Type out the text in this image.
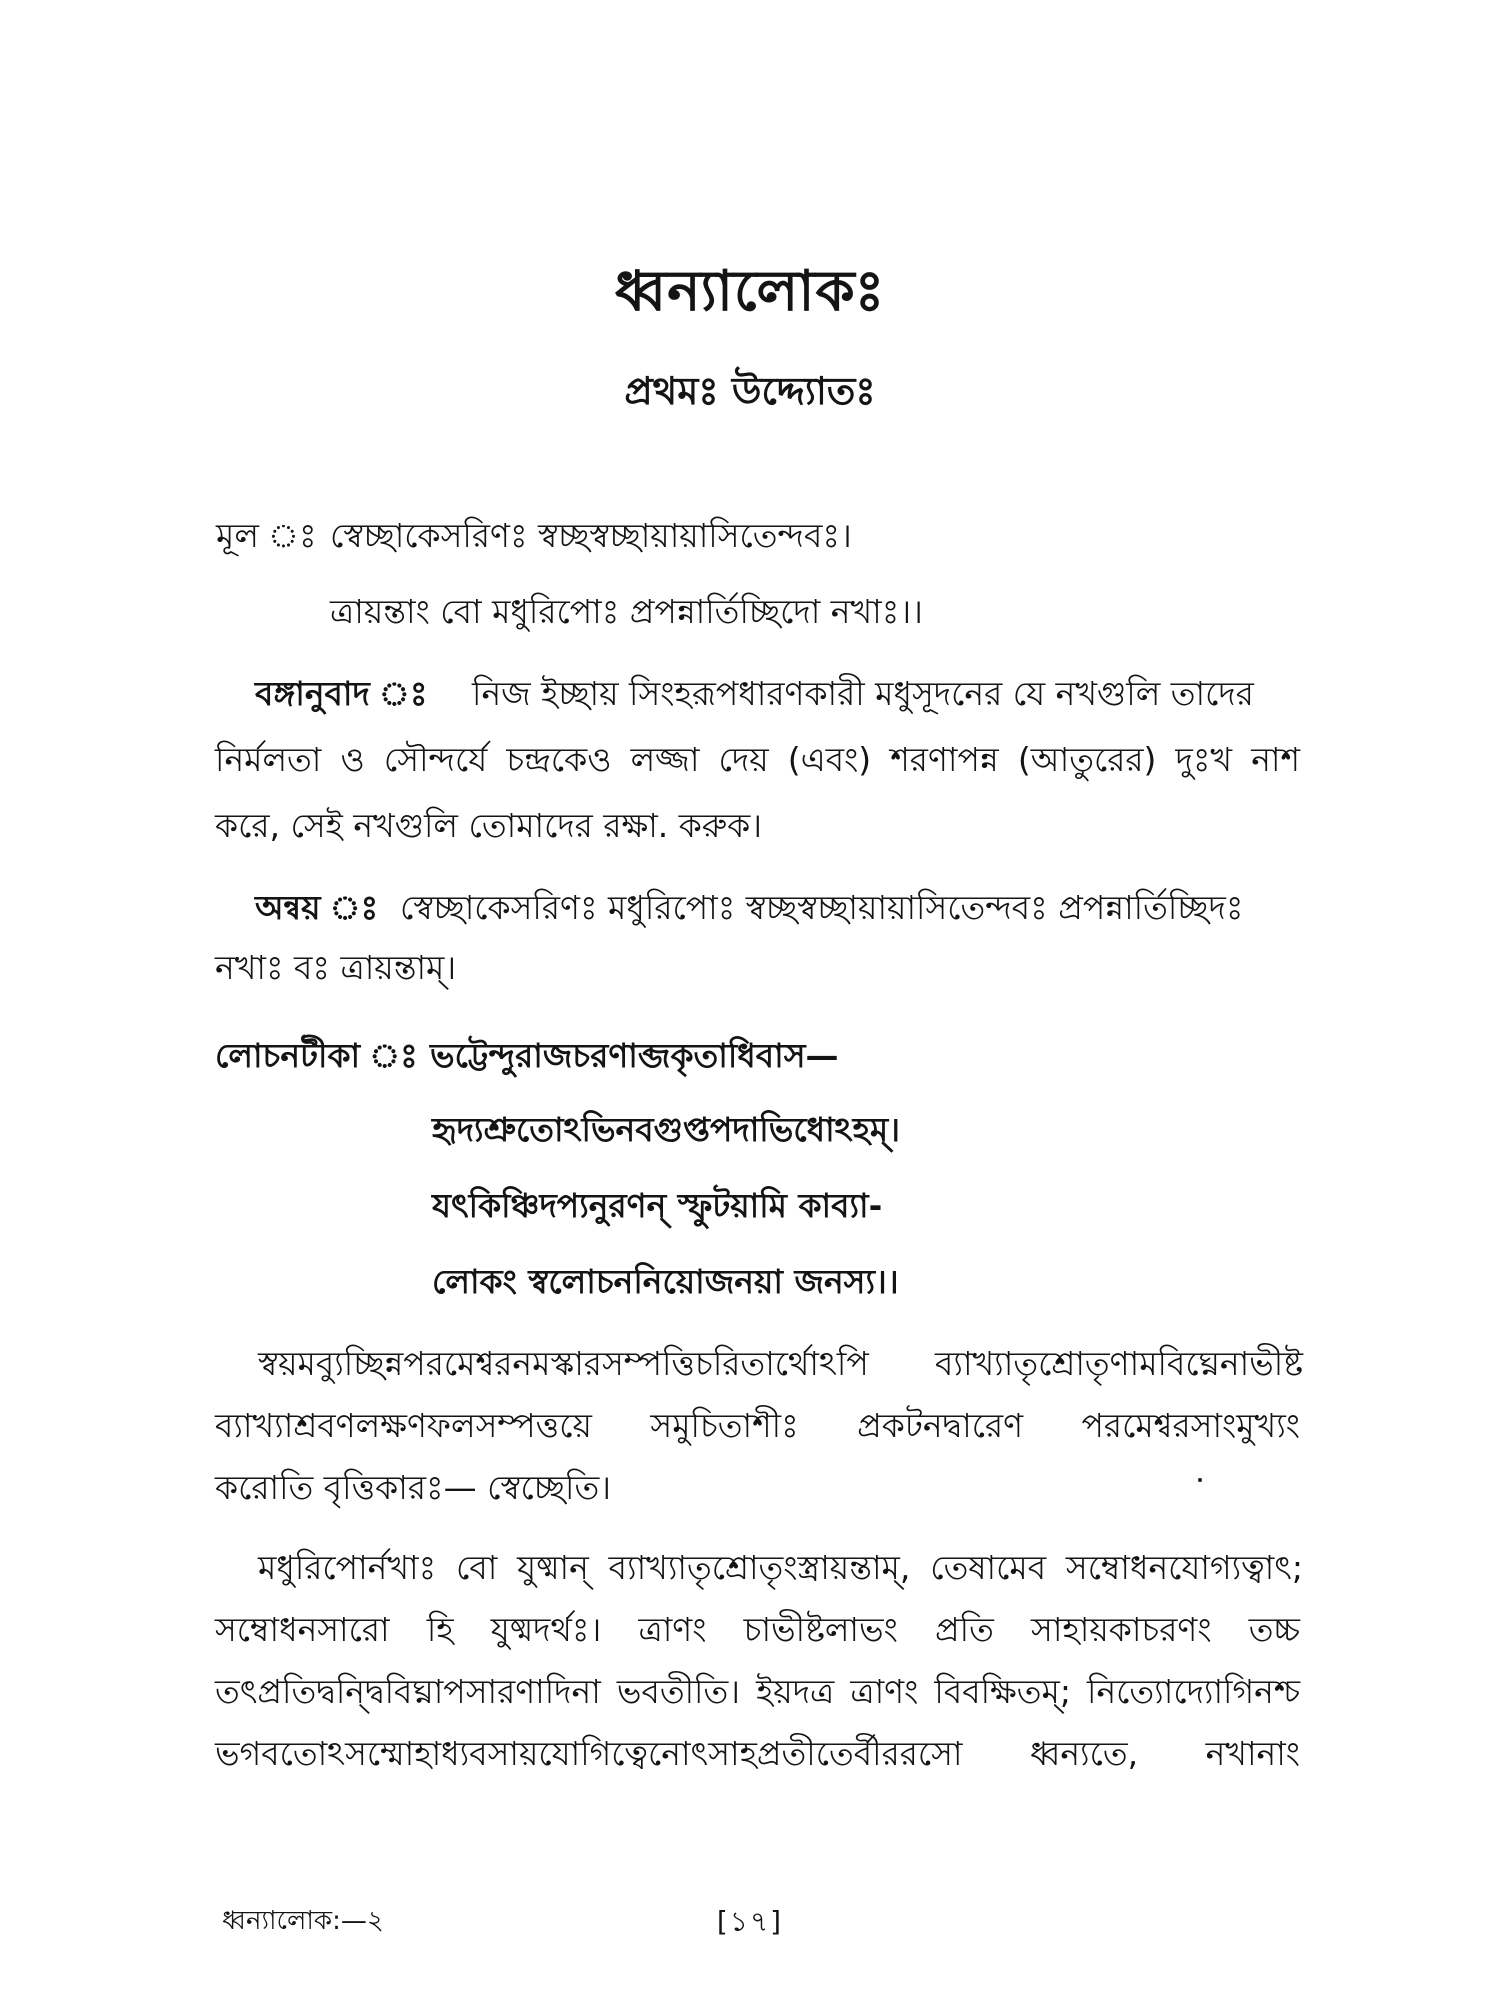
ধ্বন্যালোকঃ
প্রথমঃ উদ্দ্যোতঃ
মূল ঃ স্বেচ্ছাকেসরিণঃ স্বচ্ছস্বচ্ছায়ায়াসিতেন্দবঃ।
ত্রায়ন্তাং বো মধুরিপোঃ প্রপন্নার্তিচ্ছিদো নখাঃ।।
বঙ্গানুবাদ ঃ নিজ ইচ্ছায় সিংহরূপধারণকারী মধুসূদনের যে নখগুলি তাদের
নির্মলতা ও সৌন্দর্যে চন্দ্রকেও লজ্জা দেয় (এবং) শরণাপন্ন (আতুরের) দুঃখ নাশ
করে, সেই নখগুলি তোমাদের রক্ষা. করুক।
অন্বয় ঃ স্বেচ্ছাকেসরিণঃ মধুরিপোঃ স্বচ্ছস্বচ্ছায়ায়াসিতেন্দবঃ প্রপন্নার্তিচ্ছিদঃ
নখাঃ বঃ ত্রায়ন্তাম্।
লোচনটীকা ঃ ভট্টেন্দুরাজচরণাব্জকৃতাধিবাস—
হৃদ্যশ্রুতোঽভিনবগুপ্তপদাভিধোঽহম্।
যৎকিঞ্চিদপ্যনুরণন্ স্ফুটয়ামি কাব্যা-
লোকং স্বলোচননিয়োজনয়া জনস্য।।
স্বয়মব্যুচ্ছিন্নপরমেশ্বরনমস্কারসম্পত্তিচরিতার্থোঽপি ব্যাখ্যাতৃশ্রোতৃণামবিঘ্নেনাভীষ্ট
ব্যাখ্যাশ্রবণলক্ষণফলসম্পত্তয়ে সমুচিতাশীঃ প্রকটনদ্বারেণ পরমেশ্বরসাংমুখ্যং
করোতি বৃত্তিকারঃ— স্বেচ্ছেতি।
মধুরিপোর্নখাঃ বো যুষ্মান্ ব্যাখ্যাতৃশ্রোতৃংস্ত্রায়ন্তাম্, তেষামেব সম্বোধনযোগ্যত্বাৎ;
সম্বোধনসারো হি যুষ্মদর্থঃ। ত্রাণং চাভীষ্টলাভং প্রতি সাহায়কাচরণং তচ্চ
তৎপ্রতিদ্বন্দ্বিবিঘ্নাপসারণাদিনা ভবতীতি। ইয়দত্র ত্রাণং বিবক্ষিতম্; নিত্যোদ্যোগিনশ্চ
ভগবতোঽসম্মোহাধ্যবসায়যোগিত্বেনোৎসাহপ্রতীতের্বীররসো ধ্বন্যতে, নখানাং
ধ্বন্যালোক:—২	[১৭]
